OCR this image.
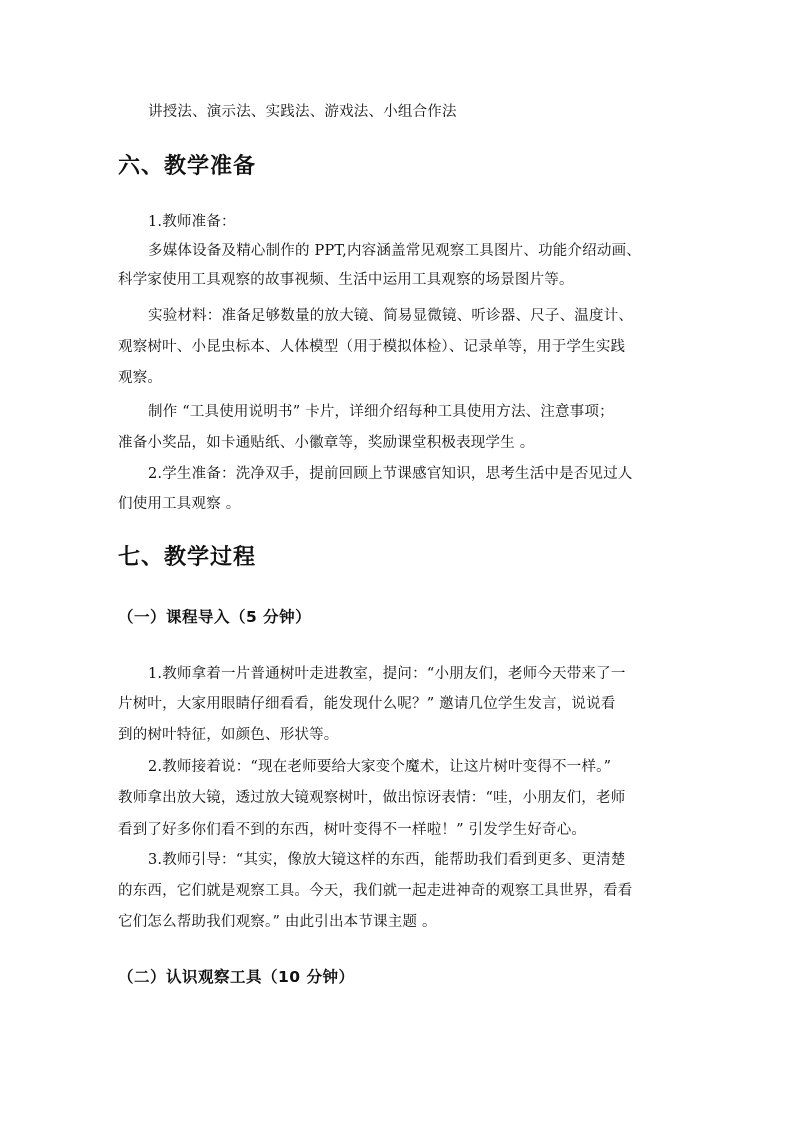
讲授法、演示法、实践法、游戏法、小组合作法
六、教学准备
1.教师准备：
多媒体设备及精心制作的 PPT,内容涵盖常见观察工具图片、功能介绍动画、
科学家使用工具观察的故事视频、生活中运用工具观察的场景图片等。
实验材料：准备足够数量的放大镜、简易显微镜、听诊器、尺子、温度计、
观察树叶、小昆虫标本、人体模型（用于模拟体检）、记录单等，用于学生实践
观察。
制作 “工具使用说明书” 卡片，详细介绍每种工具使用方法、注意事项；
准备小奖品，如卡通贴纸、小徽章等，奖励课堂积极表现学生 。
2.学生准备：洗净双手，提前回顾上节课感官知识，思考生活中是否见过人
们使用工具观察 。
七、教学过程
（一）课程导入（5 分钟）
1.教师拿着一片普通树叶走进教室，提问：“小朋友们，老师今天带来了一
片树叶，大家用眼睛仔细看看，能发现什么呢？” 邀请几位学生发言，说说看
到的树叶特征，如颜色、形状等。
2.教师接着说：“现在老师要给大家变个魔术，让这片树叶变得不一样。”
教师拿出放大镜，透过放大镜观察树叶，做出惊讶表情：“哇，小朋友们，老师
看到了好多你们看不到的东西，树叶变得不一样啦！” 引发学生好奇心。
3.教师引导：“其实，像放大镜这样的东西，能帮助我们看到更多、更清楚
的东西，它们就是观察工具。今天，我们就一起走进神奇的观察工具世界，看看
它们怎么帮助我们观察。” 由此引出本节课主题 。
（二）认识观察工具（10 分钟）
